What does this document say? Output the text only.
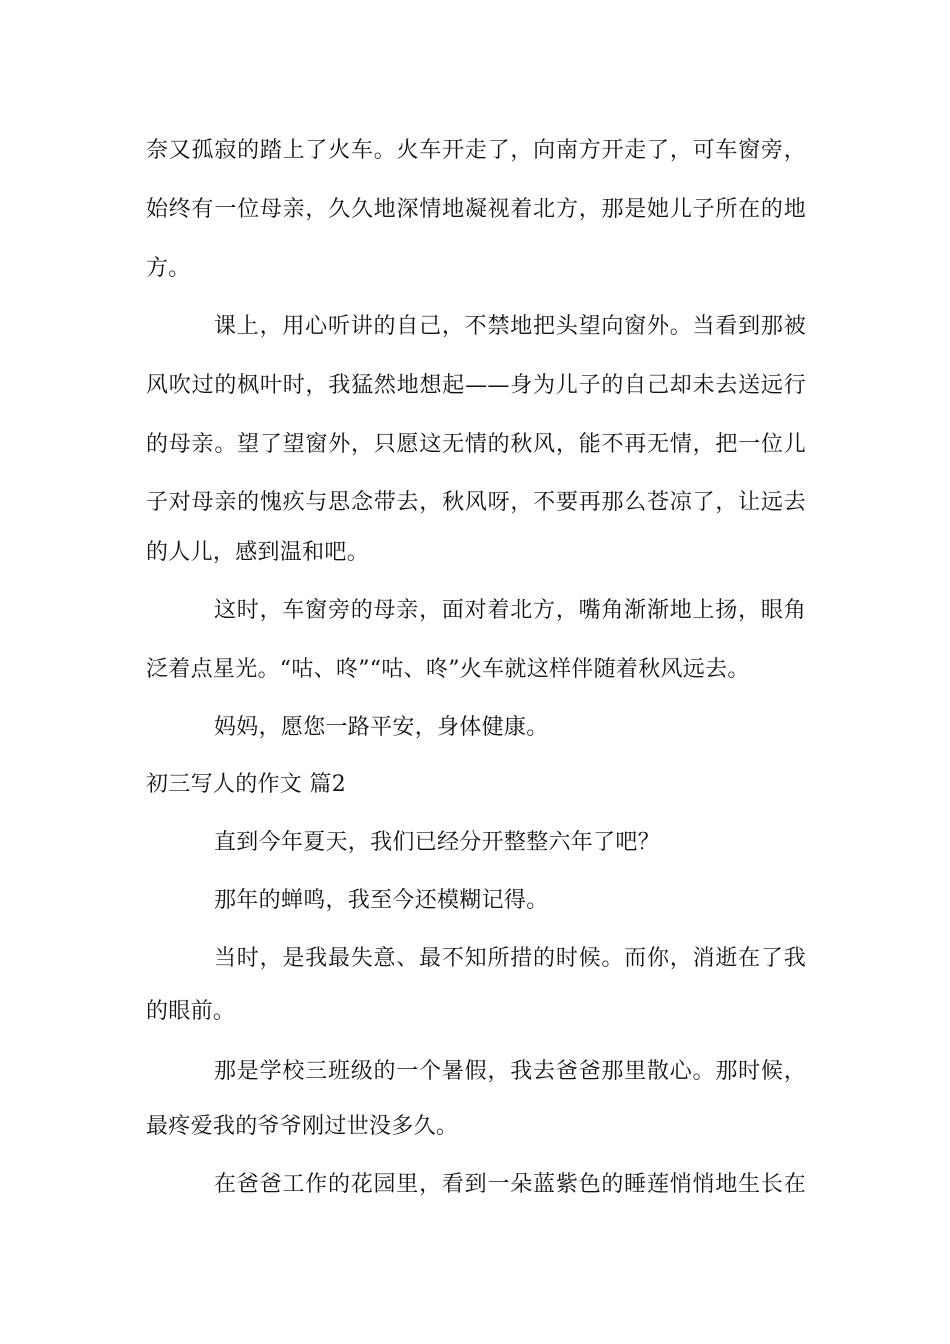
奈又孤寂的踏上了火车。火车开走了，向南方开走了，可车窗旁，
始终有一位母亲，久久地深情地凝视着北方，那是她儿子所在的地
方。
课上，用心听讲的自己，不禁地把头望向窗外。当看到那被
风吹过的枫叶时，我猛然地想起——身为儿子的自己却未去送远行
的母亲。望了望窗外，只愿这无情的秋风，能不再无情，把一位儿
子对母亲的愧疚与思念带去，秋风呀，不要再那么苍凉了，让远去
的人儿，感到温和吧。
这时，车窗旁的母亲，面对着北方，嘴角渐渐地上扬，眼角
泛着点星光。“咕、咚”“咕、咚”火车就这样伴随着秋风远去。
妈妈，愿您一路平安，身体健康。
初三写人的作文 篇2
直到今年夏天，我们已经分开整整六年了吧？
那年的蝉鸣，我至今还模糊记得。
当时，是我最失意、最不知所措的时候。而你，消逝在了我
的眼前。
那是学校三班级的一个暑假，我去爸爸那里散心。那时候，
最疼爱我的爷爷刚过世没多久。
在爸爸工作的花园里，看到一朵蓝紫色的睡莲悄悄地生长在
